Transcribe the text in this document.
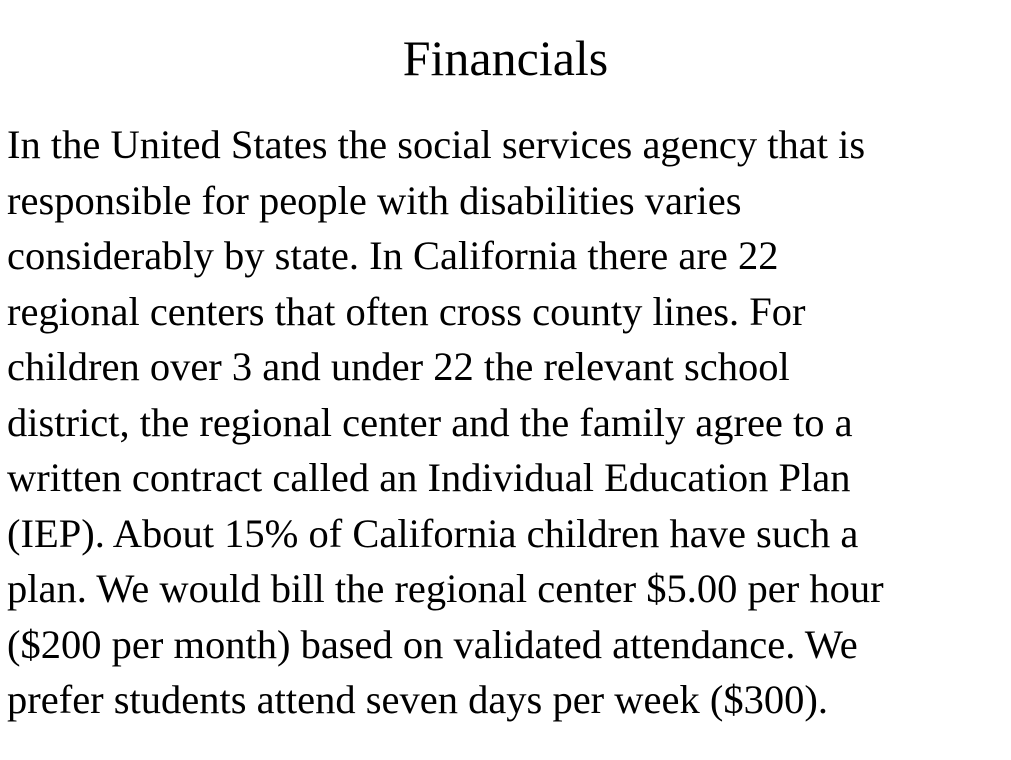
Financials

In the United States the social services agency that is
responsible for people with disabilities varies
considerably by state. In California there are 22
regional centers that often cross county lines. For
children over 3 and under 22 the relevant school
district, the regional center and the family agree to a
written contract called an Individual Education Plan
(IEP). About 15% of California children have such a
plan. We would bill the regional center $5.00 per hour
($200 per month) based on validated attendance. We
prefer students attend seven days per week ($300).
